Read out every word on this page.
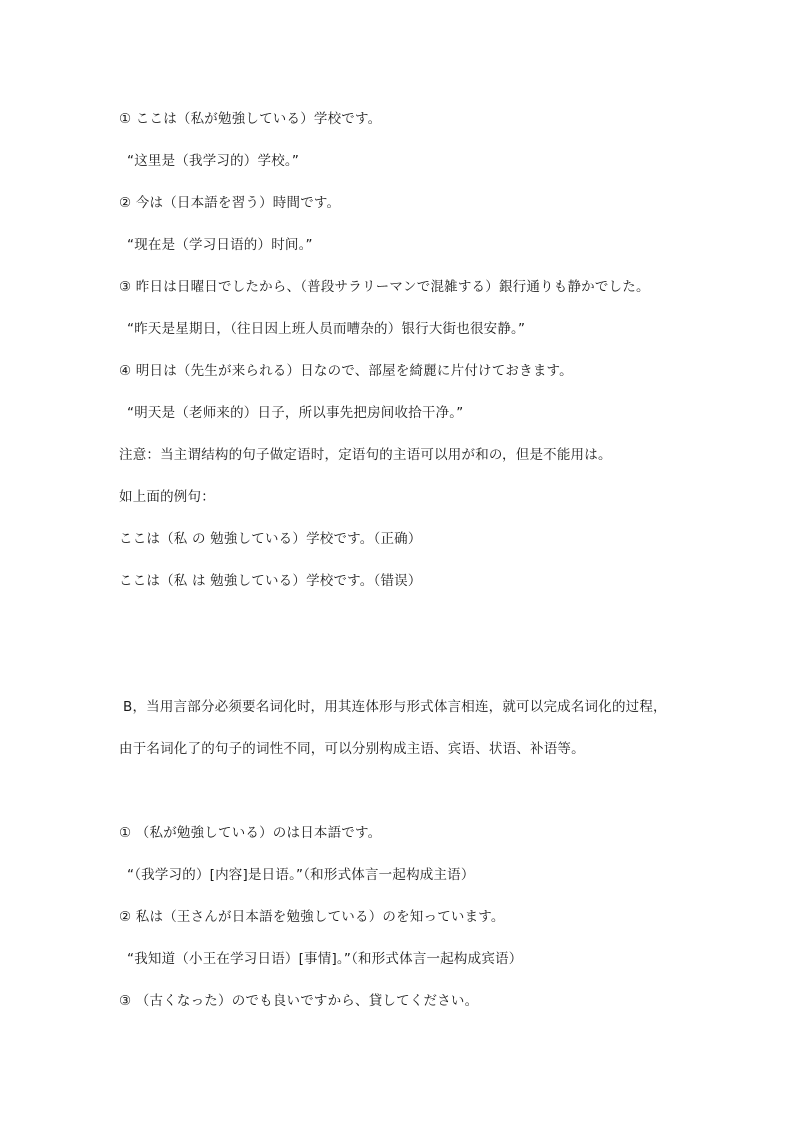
① ここは（私が勉強している）学校です。
“这里是（我学习的）学校。”
② 今は（日本語を習う）時間です。
“现在是（学习日语的）时间。”
③ 昨日は日曜日でしたから、（普段サラリーマンで混雑する）銀行通りも静かでした。
“昨天是星期日，（往日因上班人员而嘈杂的）银行大街也很安静。”
④ 明日は（先生が来られる）日なので、部屋を綺麗に片付けておきます。
“明天是（老师来的）日子，所以事先把房间收拾干净。”
注意：当主谓结构的句子做定语时，定语句的主语可以用が和の，但是不能用は。
如上面的例句：
ここは（私 の 勉強している）学校です。（正确）
ここは（私 は 勉強している）学校です。（错误）
B，当用言部分必须要名词化时，用其连体形与形式体言相连，就可以完成名词化的过程，
由于名词化了的句子的词性不同，可以分别构成主语、宾语、状语、补语等。
① （私が勉強している）のは日本語です。
“（我学习的）[内容]是日语。”（和形式体言一起构成主语）
② 私は（王さんが日本語を勉強している）のを知っています。
“我知道（小王在学习日语）[事情]。”（和形式体言一起构成宾语）
③ （古くなった）のでも良いですから、貸してください。
